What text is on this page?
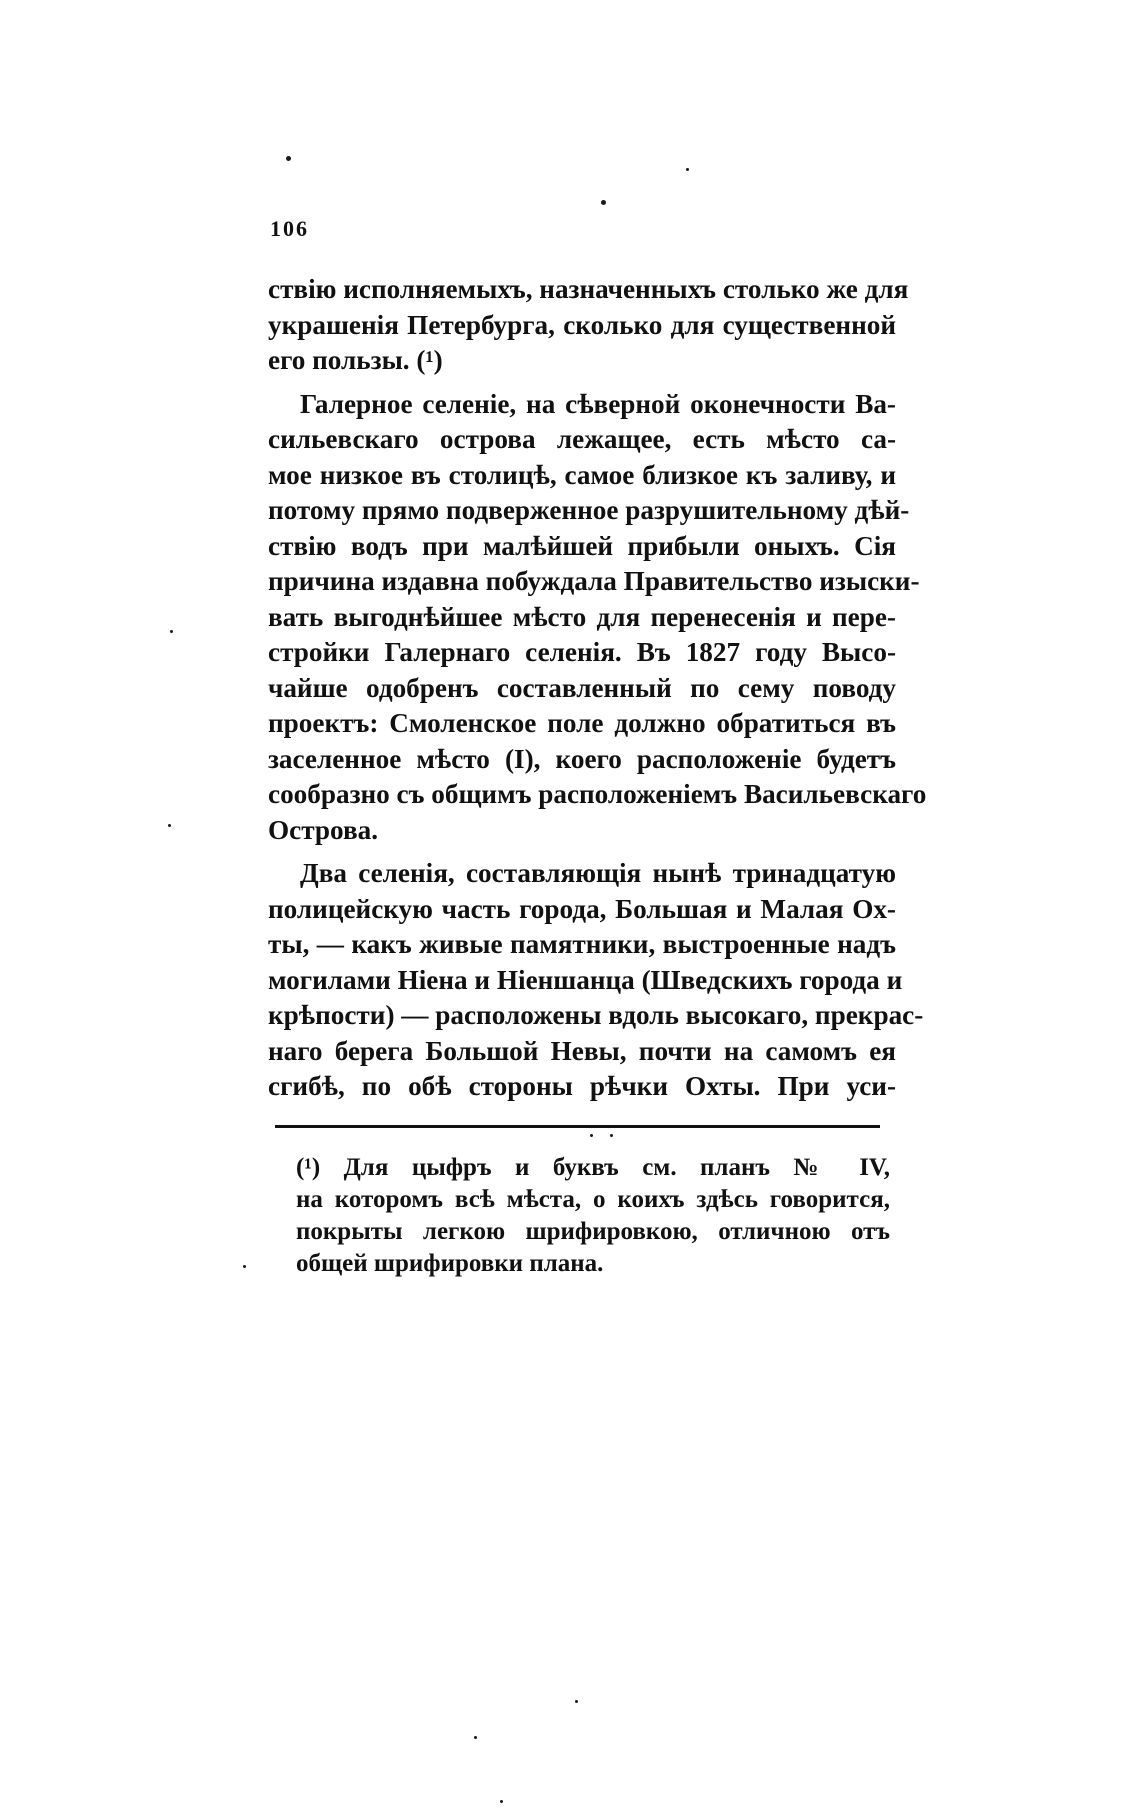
106
ствію исполняемыхъ, назначенныхъ столько же для
украшенія Петербурга, сколько для существенной
его пользы. (¹)
Галерное селеніе, на сѣверной оконечности Ва-
сильевскаго острова лежащее, есть мѣсто са-
мое низкое въ столицѣ, самое близкое къ заливу, и
потому прямо подверженное разрушительному дѣй-
ствію водъ при малѣйшей прибыли оныхъ. Сія
причина издавна побуждала Правительство изыски-
вать выгоднѣйшее мѣсто для перенесенія и пере-
стройки Галернаго селенія. Въ 1827 году Высо-
чайше одобренъ составленный по сему поводу
проектъ: Смоленское поле должно обратиться въ
заселенное мѣсто (I), коего расположеніе будетъ
сообразно съ общимъ расположеніемъ Васильевскаго
Острова.
Два селенія, составляющія нынѣ тринадцатую
полицейскую часть города, Большая и Малая Ох-
ты, — какъ живые памятники, выстроенные надъ
могилами Ніена и Ніеншанца (Шведскихъ города и
крѣпости) — расположены вдоль высокаго, прекрас-
наго берега Большой Невы, почти на самомъ ея
сгибѣ, по обѣ стороны рѣчки Охты. При уси-
(¹) Для цыфръ и буквъ см. планъ № IV,
на которомъ всѣ мѣста, о коихъ здѣсь говорится,
покрыты легкою шрифировкою, отличною отъ
общей шрифировки плана.
